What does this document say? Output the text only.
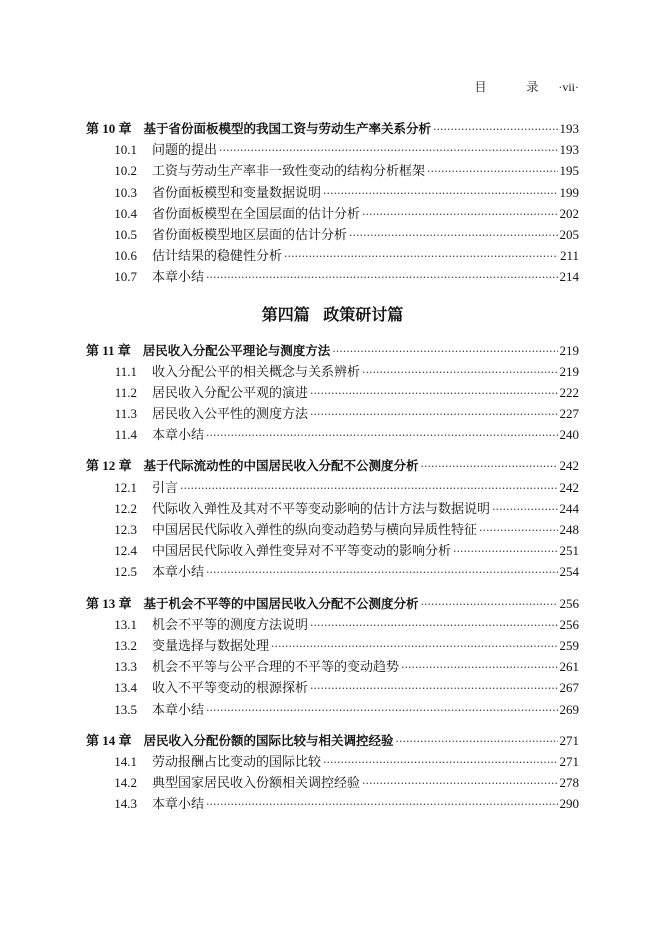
目 录 ·vii·
第 10 章 基于省份面板模型的我国工资与劳动生产率关系分析 ·····	193
10.1	问题的提出 ·····	193
10.2	工资与劳动生产率非一致性变动的结构分析框架 ·····	195
10.3	省份面板模型和变量数据说明 ·····	199
10.4	省份面板模型在全国层面的估计分析 ·····	202
10.5	省份面板模型地区层面的估计分析 ·····	205
10.6	估计结果的稳健性分析 ·····	211
10.7	本章小结 ·····	214
第四篇 政策研讨篇
第 11 章 居民收入分配公平理论与测度方法 ·····	219
11.1	收入分配公平的相关概念与关系辨析 ·····	219
11.2	居民收入分配公平观的演进 ·····	222
11.3	居民收入公平性的测度方法 ·····	227
11.4	本章小结 ·····	240
第 12 章 基于代际流动性的中国居民收入分配不公测度分析 ·····	242
12.1	引言 ·····	242
12.2	代际收入弹性及其对不平等变动影响的估计方法与数据说明 ·····	244
12.3	中国居民代际收入弹性的纵向变动趋势与横向异质性特征 ·····	248
12.4	中国居民代际收入弹性变异对不平等变动的影响分析 ·····	251
12.5	本章小结 ·····	254
第 13 章 基于机会不平等的中国居民收入分配不公测度分析 ·····	256
13.1	机会不平等的测度方法说明 ·····	256
13.2	变量选择与数据处理 ·····	259
13.3	机会不平等与公平合理的不平等的变动趋势 ·····	261
13.4	收入不平等变动的根源探析 ·····	267
13.5	本章小结 ·····	269
第 14 章 居民收入分配份额的国际比较与相关调控经验 ·····	271
14.1	劳动报酬占比变动的国际比较 ·····	271
14.2	典型国家居民收入份额相关调控经验 ·····	278
14.3	本章小结 ·····	290
